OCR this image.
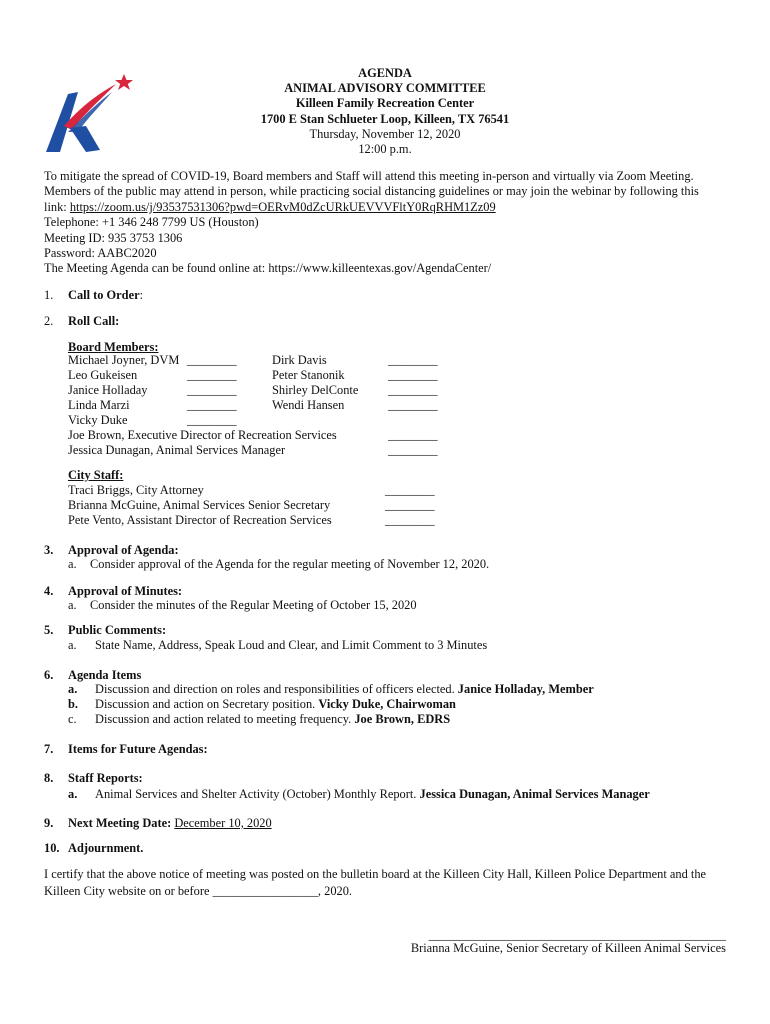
AGENDA
ANIMAL ADVISORY COMMITTEE
Killeen Family Recreation Center
1700 E Stan Schlueter Loop, Killeen, TX 76541
Thursday, November 12, 2020
12:00 p.m.
To mitigate the spread of COVID-19, Board members and Staff will attend this meeting in-person and virtually via Zoom Meeting.
Members of the public may attend in person, while practicing social distancing guidelines or may join the webinar by following this
link: https://zoom.us/j/93537531306?pwd=OERvM0dZcURkUEVVVFltY0RqRHM1Zz09
Telephone: +1 346 248 7799 US (Houston)
Meeting ID: 935 3753 1306
Password: AABC2020
The Meeting Agenda can be found online at: https://www.killeentexas.gov/AgendaCenter/
1. Call to Order:
2. Roll Call:
Board Members:
Michael Joyner, DVM
Leo Gukeisen
Janice Holladay
Linda Marzi
Vicky Duke
________
________
________
________
________
Dirk Davis
Peter Stanonik
Shirley DelConte
Wendi Hansen
________
________
________
________
Joe Brown, Executive Director of Recreation Services
Jessica Dunagan, Animal Services Manager
________
________
City Staff:
Traci Briggs, City Attorney
Brianna McGuine, Animal Services Senior Secretary
Pete Vento, Assistant Director of Recreation Services
________
________
________
3. Approval of Agenda:
a. Consider approval of the Agenda for the regular meeting of November 12, 2020.
4. Approval of Minutes:
a. Consider the minutes of the Regular Meeting of October 15, 2020
5. Public Comments:
a. State Name, Address, Speak Loud and Clear, and Limit Comment to 3 Minutes
6. Agenda Items
a. Discussion and direction on roles and responsibilities of officers elected. Janice Holladay, Member
b. Discussion and action on Secretary position. Vicky Duke, Chairwoman
c. Discussion and action related to meeting frequency. Joe Brown, EDRS
7. Items for Future Agendas:
8. Staff Reports:
a. Animal Services and Shelter Activity (October) Monthly Report. Jessica Dunagan, Animal Services Manager
9. Next Meeting Date: December 10, 2020
10. Adjournment.
I certify that the above notice of meeting was posted on the bulletin board at the Killeen City Hall, Killeen Police Department and the
Killeen City website on or before _________________, 2020.
________________________________________________
Brianna McGuine, Senior Secretary of Killeen Animal Services
